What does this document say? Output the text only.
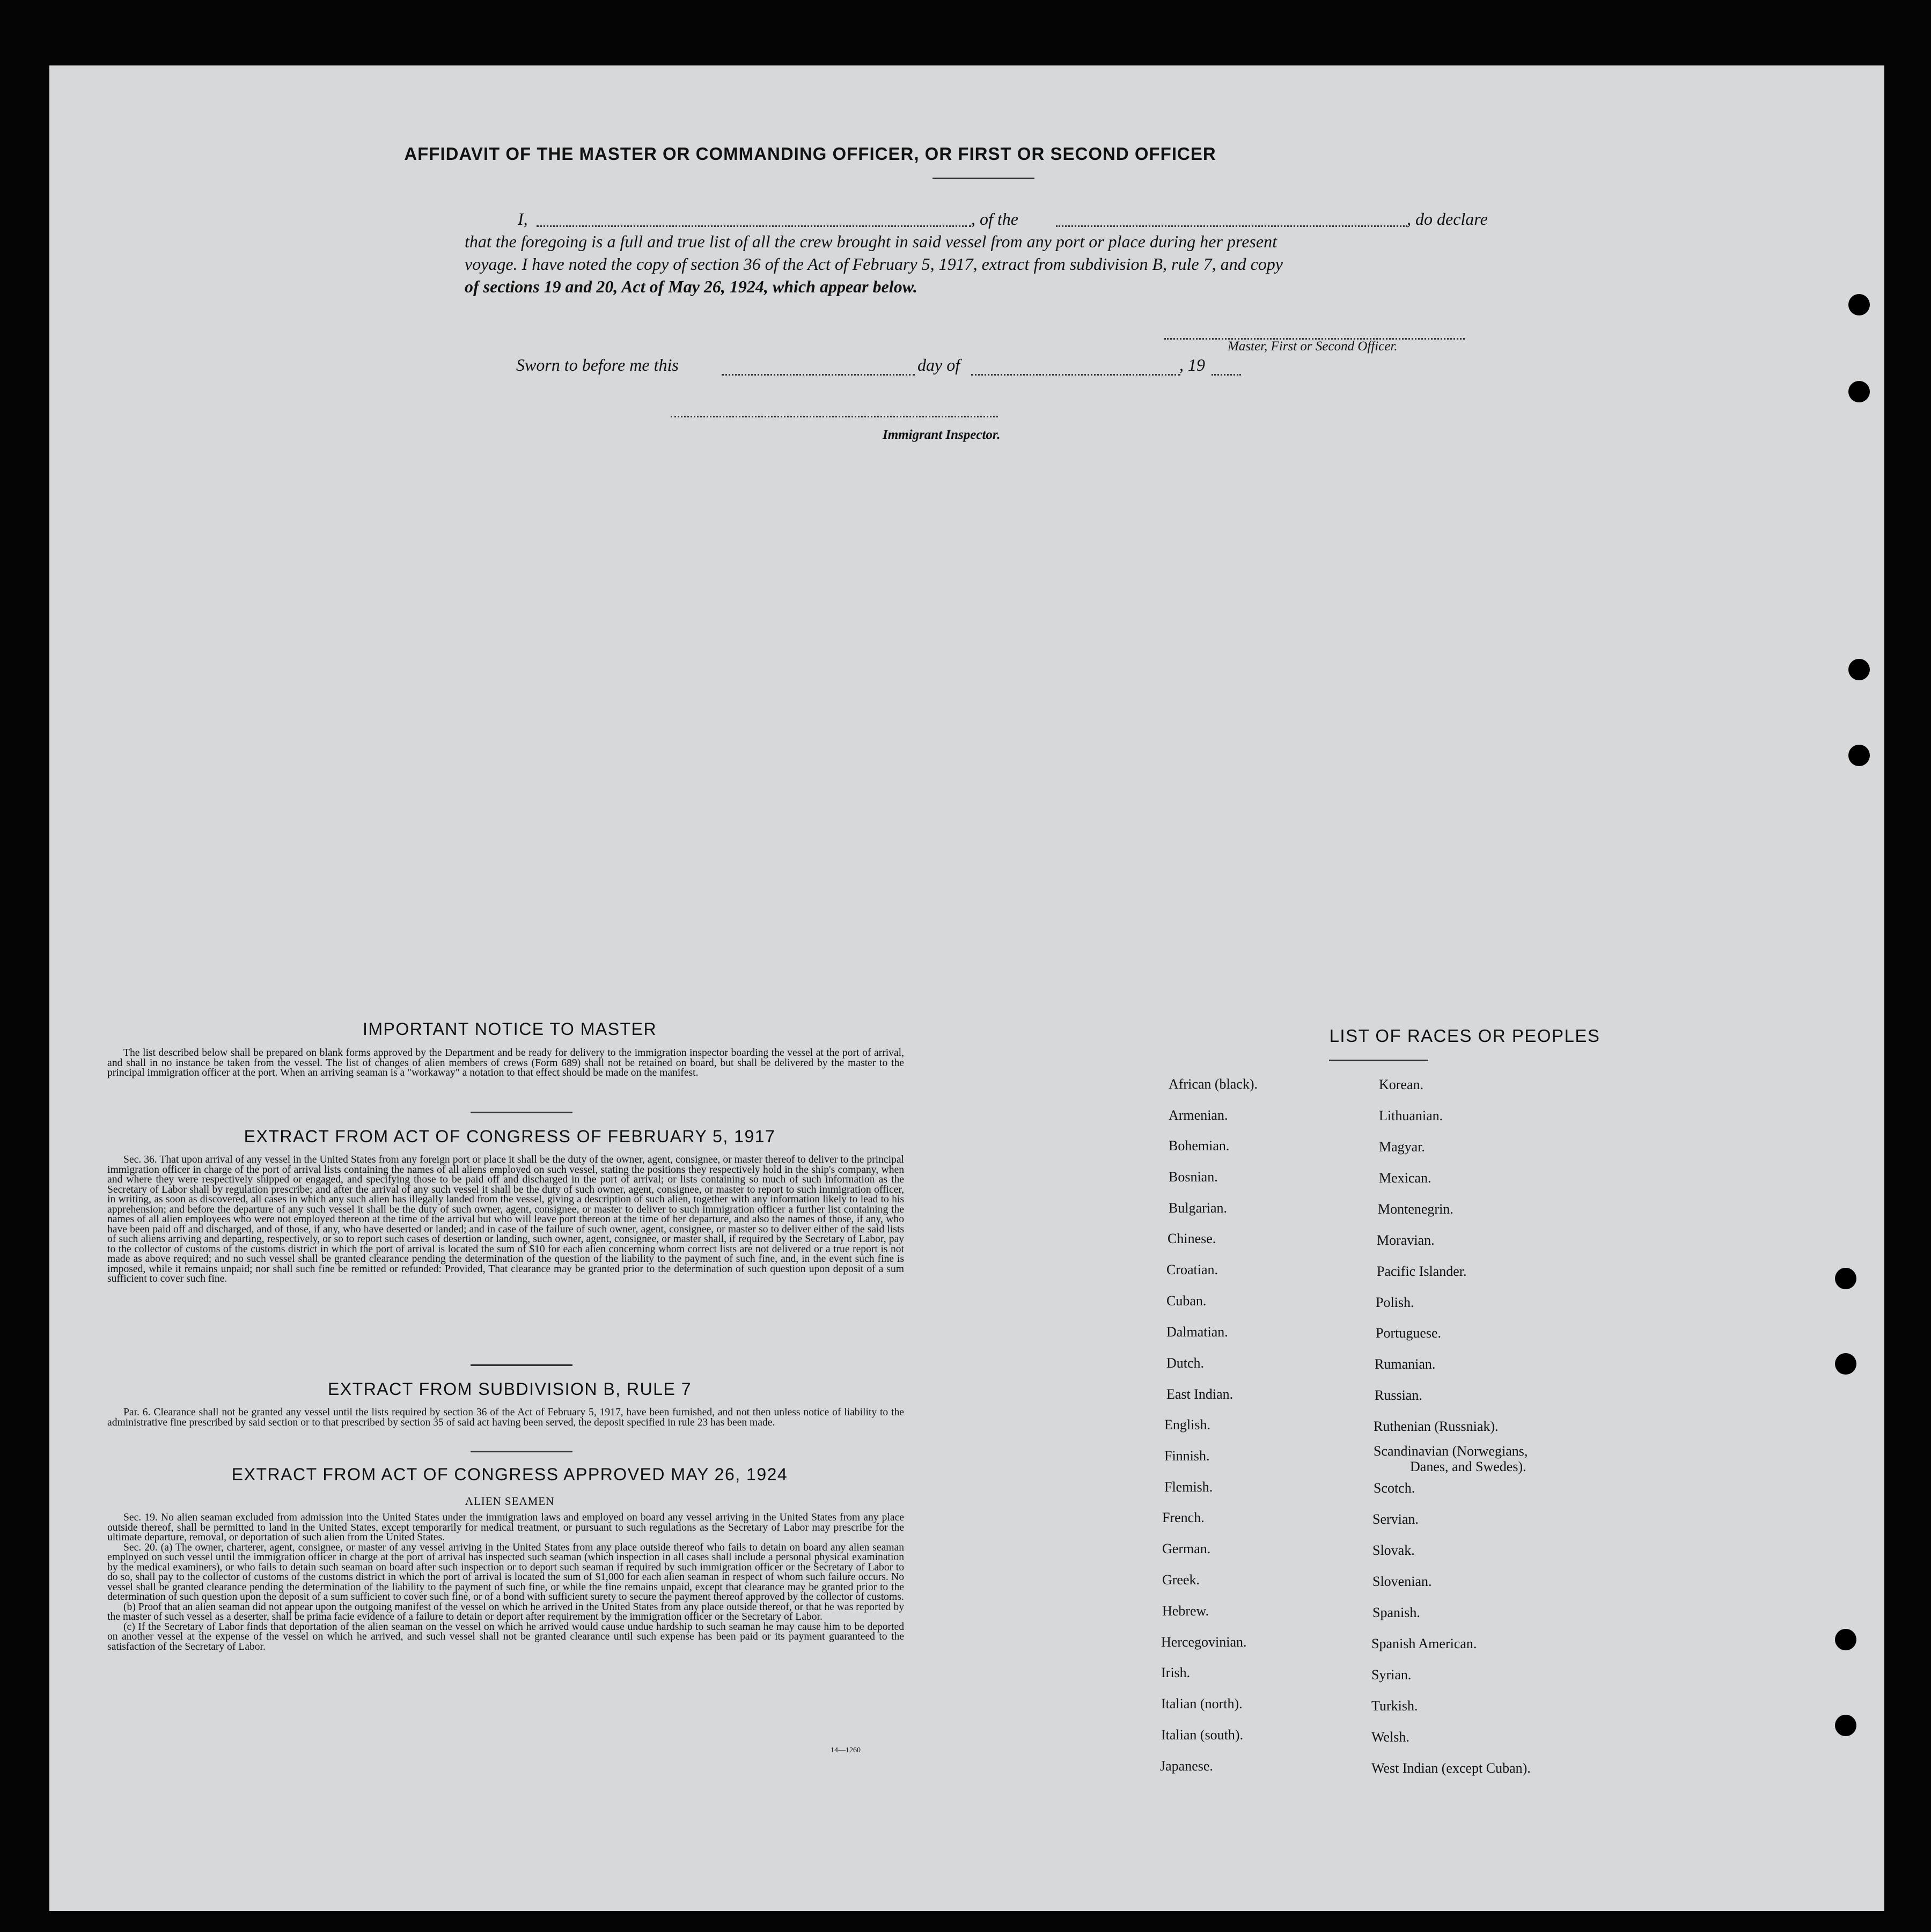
AFFIDAVIT OF THE MASTER OR COMMANDING OFFICER, OR FIRST OR SECOND OFFICER
I,	, of the	, do declare
that the foregoing is a full and true list of all the crew brought in said vessel from any port or place during her present
voyage. I have noted the copy of section 36 of the Act of February 5, 1917, extract from subdivision B, rule 7, and copy
of sections 19 and 20, Act of May 26, 1924, which appear below.
Master, First or Second Officer.
Sworn to before me this	day of	, 19
Immigrant Inspector.
IMPORTANT NOTICE TO MASTER

The list described below shall be prepared on blank forms approved by the Department and be ready for delivery to the immigration inspector boarding the vessel at the port of arrival, and shall in no instance be taken from the vessel. The list of changes of alien members of crews (Form 689) shall not be retained on board, but shall be delivered by the master to the principal immigration officer at the port. When an arriving seaman is a "workaway" a notation to that effect should be made on the manifest.

EXTRACT FROM ACT OF CONGRESS OF FEBRUARY 5, 1917

Sec. 36. That upon arrival of any vessel in the United States from any foreign port or place it shall be the duty of the owner, agent, consignee, or master thereof to deliver to the principal immigration officer in charge of the port of arrival lists containing the names of all aliens employed on such vessel, stating the positions they respectively hold in the ship's company, when and where they were respectively shipped or engaged, and specifying those to be paid off and discharged in the port of arrival; or lists containing so much of such information as the Secretary of Labor shall by regulation prescribe; and after the arrival of any such vessel it shall be the duty of such owner, agent, consignee, or master to report to such immigration officer, in writing, as soon as discovered, all cases in which any such alien has illegally landed from the vessel, giving a description of such alien, together with any information likely to lead to his apprehension; and before the departure of any such vessel it shall be the duty of such owner, agent, consignee, or master to deliver to such immigration officer a further list containing the names of all alien employees who were not employed thereon at the time of the arrival but who will leave port thereon at the time of her departure, and also the names of those, if any, who have been paid off and discharged, and of those, if any, who have deserted or landed; and in case of the failure of such owner, agent, consignee, or master so to deliver either of the said lists of such aliens arriving and departing, respectively, or so to report such cases of desertion or landing, such owner, agent, consignee, or master shall, if required by the Secretary of Labor, pay to the collector of customs of the customs district in which the port of arrival is located the sum of $10 for each alien concerning whom correct lists are not delivered or a true report is not made as above required; and no such vessel shall be granted clearance pending the determination of the question of the liability to the payment of such fine, and, in the event such fine is imposed, while it remains unpaid; nor shall such fine be remitted or refunded: Provided, That clearance may be granted prior to the determination of such question upon deposit of a sum sufficient to cover such fine.

EXTRACT FROM SUBDIVISION B, RULE 7

Par. 6. Clearance shall not be granted any vessel until the lists required by section 36 of the Act of February 5, 1917, have been furnished, and not then unless notice of liability to the administrative fine prescribed by said section or to that prescribed by section 35 of said act having been served, the deposit specified in rule 23 has been made.

EXTRACT FROM ACT OF CONGRESS APPROVED MAY 26, 1924
ALIEN SEAMEN

Sec. 19. No alien seaman excluded from admission into the United States under the immigration laws and employed on board any vessel arriving in the United States from any place outside thereof, shall be permitted to land in the United States, except temporarily for medical treatment, or pursuant to such regulations as the Secretary of Labor may prescribe for the ultimate departure, removal, or deportation of such alien from the United States.

Sec. 20. (a) The owner, charterer, agent, consignee, or master of any vessel arriving in the United States from any place outside thereof who fails to detain on board any alien seaman employed on such vessel until the immigration officer in charge at the port of arrival has inspected such seaman (which inspection in all cases shall include a personal physical examination by the medical examiners), or who fails to detain such seaman on board after such inspection or to deport such seaman if required by such immigration officer or the Secretary of Labor to do so, shall pay to the collector of customs of the customs district in which the port of arrival is located the sum of $1,000 for each alien seaman in respect of whom such failure occurs. No vessel shall be granted clearance pending the determination of the liability to the payment of such fine, or while the fine remains unpaid, except that clearance may be granted prior to the determination of such question upon the deposit of a sum sufficient to cover such fine, or of a bond with sufficient surety to secure the payment thereof approved by the collector of customs.

(b) Proof that an alien seaman did not appear upon the outgoing manifest of the vessel on which he arrived in the United States from any place outside thereof, or that he was reported by the master of such vessel as a deserter, shall be prima facie evidence of a failure to detain or deport after requirement by the immigration officer or the Secretary of Labor.

(c) If the Secretary of Labor finds that deportation of the alien seaman on the vessel on which he arrived would cause undue hardship to such seaman he may cause him to be deported on another vessel at the expense of the vessel on which he arrived, and such vessel shall not be granted clearance until such expense has been paid or its payment guaranteed to the satisfaction of the Secretary of Labor.

14—1260
LIST OF RACES OR PEOPLES
African (black).
Armenian.
Bohemian.
Bosnian.
Bulgarian.
Chinese.
Croatian.
Cuban.
Dalmatian.
Dutch.
East Indian.
English.
Finnish.
Flemish.
French.
German.
Greek.
Hebrew.
Hercegovinian.
Irish.
Italian (north).
Italian (south).
Japanese.
Korean.
Lithuanian.
Magyar.
Mexican.
Montenegrin.
Moravian.
Pacific Islander.
Polish.
Portuguese.
Rumanian.
Russian.
Ruthenian (Russniak).
Scandinavian (Norwegians,
Scotch.
Servian.
Slovak.
Slovenian.
Spanish.
Spanish American.
Syrian.
Turkish.
Welsh.
West Indian (except Cuban).
Danes, and Swedes).
